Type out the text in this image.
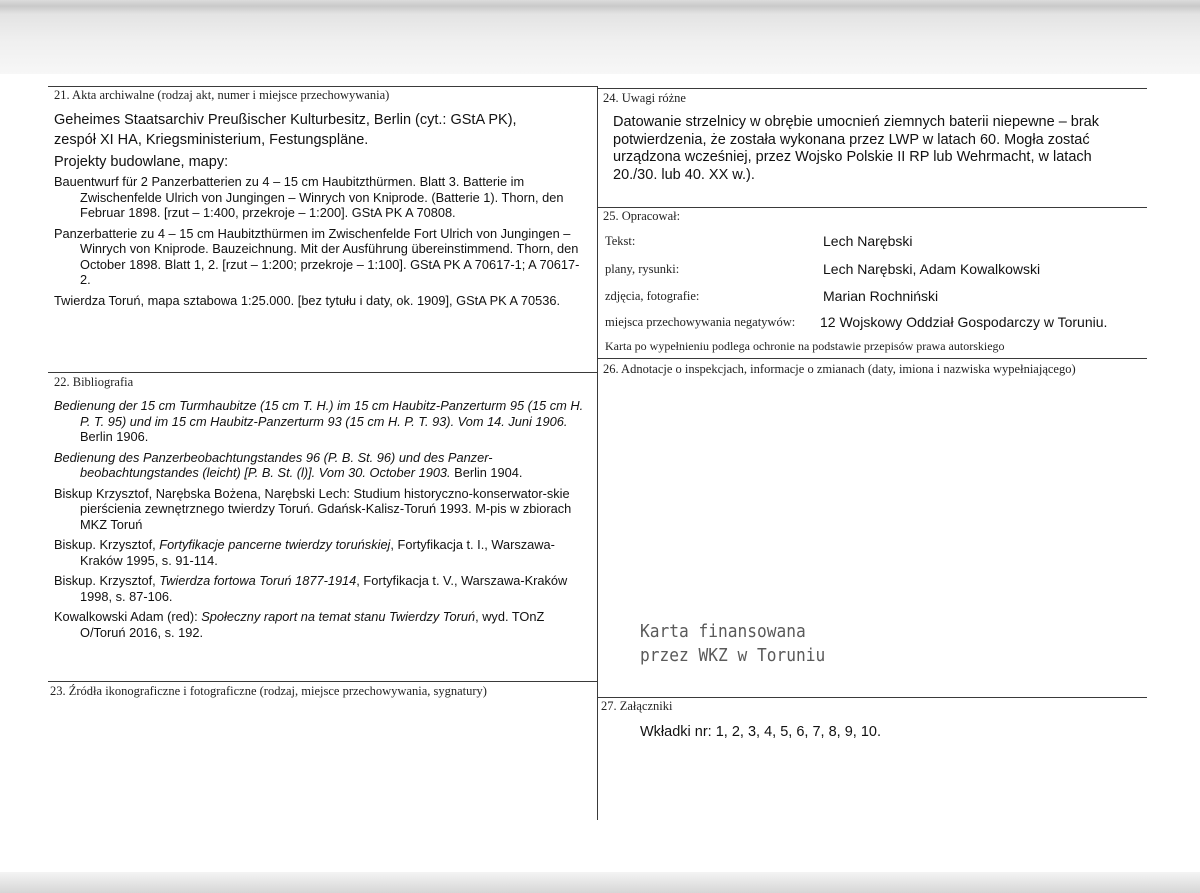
21. Akta archiwalne (rodzaj akt, numer i miejsce przechowywania)

Geheimes Staatsarchiv Preußischer Kulturbesitz, Berlin (cyt.: GStA PK),

zespół XI HA, Kriegsministerium, Festungspläne.

Projekty budowlane, mapy:

Bauentwurf für 2 Panzerbatterien zu 4 – 15 cm Haubitzthürmen. Blatt 3. Batterie im Zwischenfelde Ulrich von Jungingen – Winrych von Kniprode. (Batterie 1). Thorn, den Februar 1898. [rzut – 1:400, przekroje – 1:200]. GStA PK A 70808.

Panzerbatterie zu 4 – 15 cm Haubitzthürmen im Zwischenfelde Fort Ulrich von Jungingen – Winrych von Kniprode. Bauzeichnung. Mit der Ausführung übereinstimmend. Thorn, den October 1898. Blatt 1, 2. [rzut – 1:200; przekroje – 1:100]. GStA PK A 70617-1; A 70617-2.

Twierdza Toruń, mapa sztabowa 1:25.000. [bez tytułu i daty, ok. 1909], GStA PK A 70536.

22. Bibliografia

Bedienung der 15 cm Turmhaubitze (15 cm T. H.) im 15 cm Haubitz-Panzerturm 95 (15 cm H. P. T. 95) und im 15 cm Haubitz-Panzerturm 93 (15 cm H. P. T. 93). Vom 14. Juni 1906. Berlin 1906.

Bedienung des Panzerbeobachtungstandes 96 (P. B. St. 96) und des Panzer-beobachtungstandes (leicht) [P. B. St. (l)]. Vom 30. October 1903. Berlin 1904.

Biskup Krzysztof, Narębska Bożena, Narębski Lech: Studium historyczno-konserwator-skie pierścienia zewnętrznego twierdzy Toruń. Gdańsk-Kalisz-Toruń 1993. M-pis w zbiorach MKZ Toruń

Biskup. Krzysztof, Fortyfikacje pancerne twierdzy toruńskiej, Fortyfikacja t. I., Warszawa-Kraków 1995, s. 91-114.

Biskup. Krzysztof, Twierdza fortowa Toruń 1877-1914, Fortyfikacja t. V., Warszawa-Kraków 1998, s. 87-106.

Kowalkowski Adam (red): Społeczny raport na temat stanu Twierdzy Toruń, wyd. TOnZ O/Toruń 2016, s. 192.

23. Źródła ikonograficzne i fotograficzne (rodzaj, miejsce przechowywania, sygnatury)
24. Uwagi różne
Datowanie strzelnicy w obrębie umocnień ziemnych baterii niepewne – brak potwierdzenia, że została wykonana przez LWP w latach 60. Mogła zostać urządzona wcześniej, przez Wojsko Polskie II RP lub Wehrmacht, w latach 20./30. lub 40. XX w.).
25. Opracował:
Tekst:	Lech Narębski
plany, rysunki:	Lech Narębski, Adam Kowalkowski
zdjęcia, fotografie:	Marian Rochniński
miejsca przechowywania negatywów: 12 Wojskowy Oddział Gospodarczy w Toruniu.
Karta po wypełnieniu podlega ochronie na podstawie przepisów prawa autorskiego
26. Adnotacje o inspekcjach, informacje o zmianach (daty, imiona i nazwiska wypełniającego)
Karta finansowana
przez WKZ w Toruniu
27. Załączniki
Wkładki nr: 1, 2, 3, 4, 5, 6, 7, 8, 9, 10.
